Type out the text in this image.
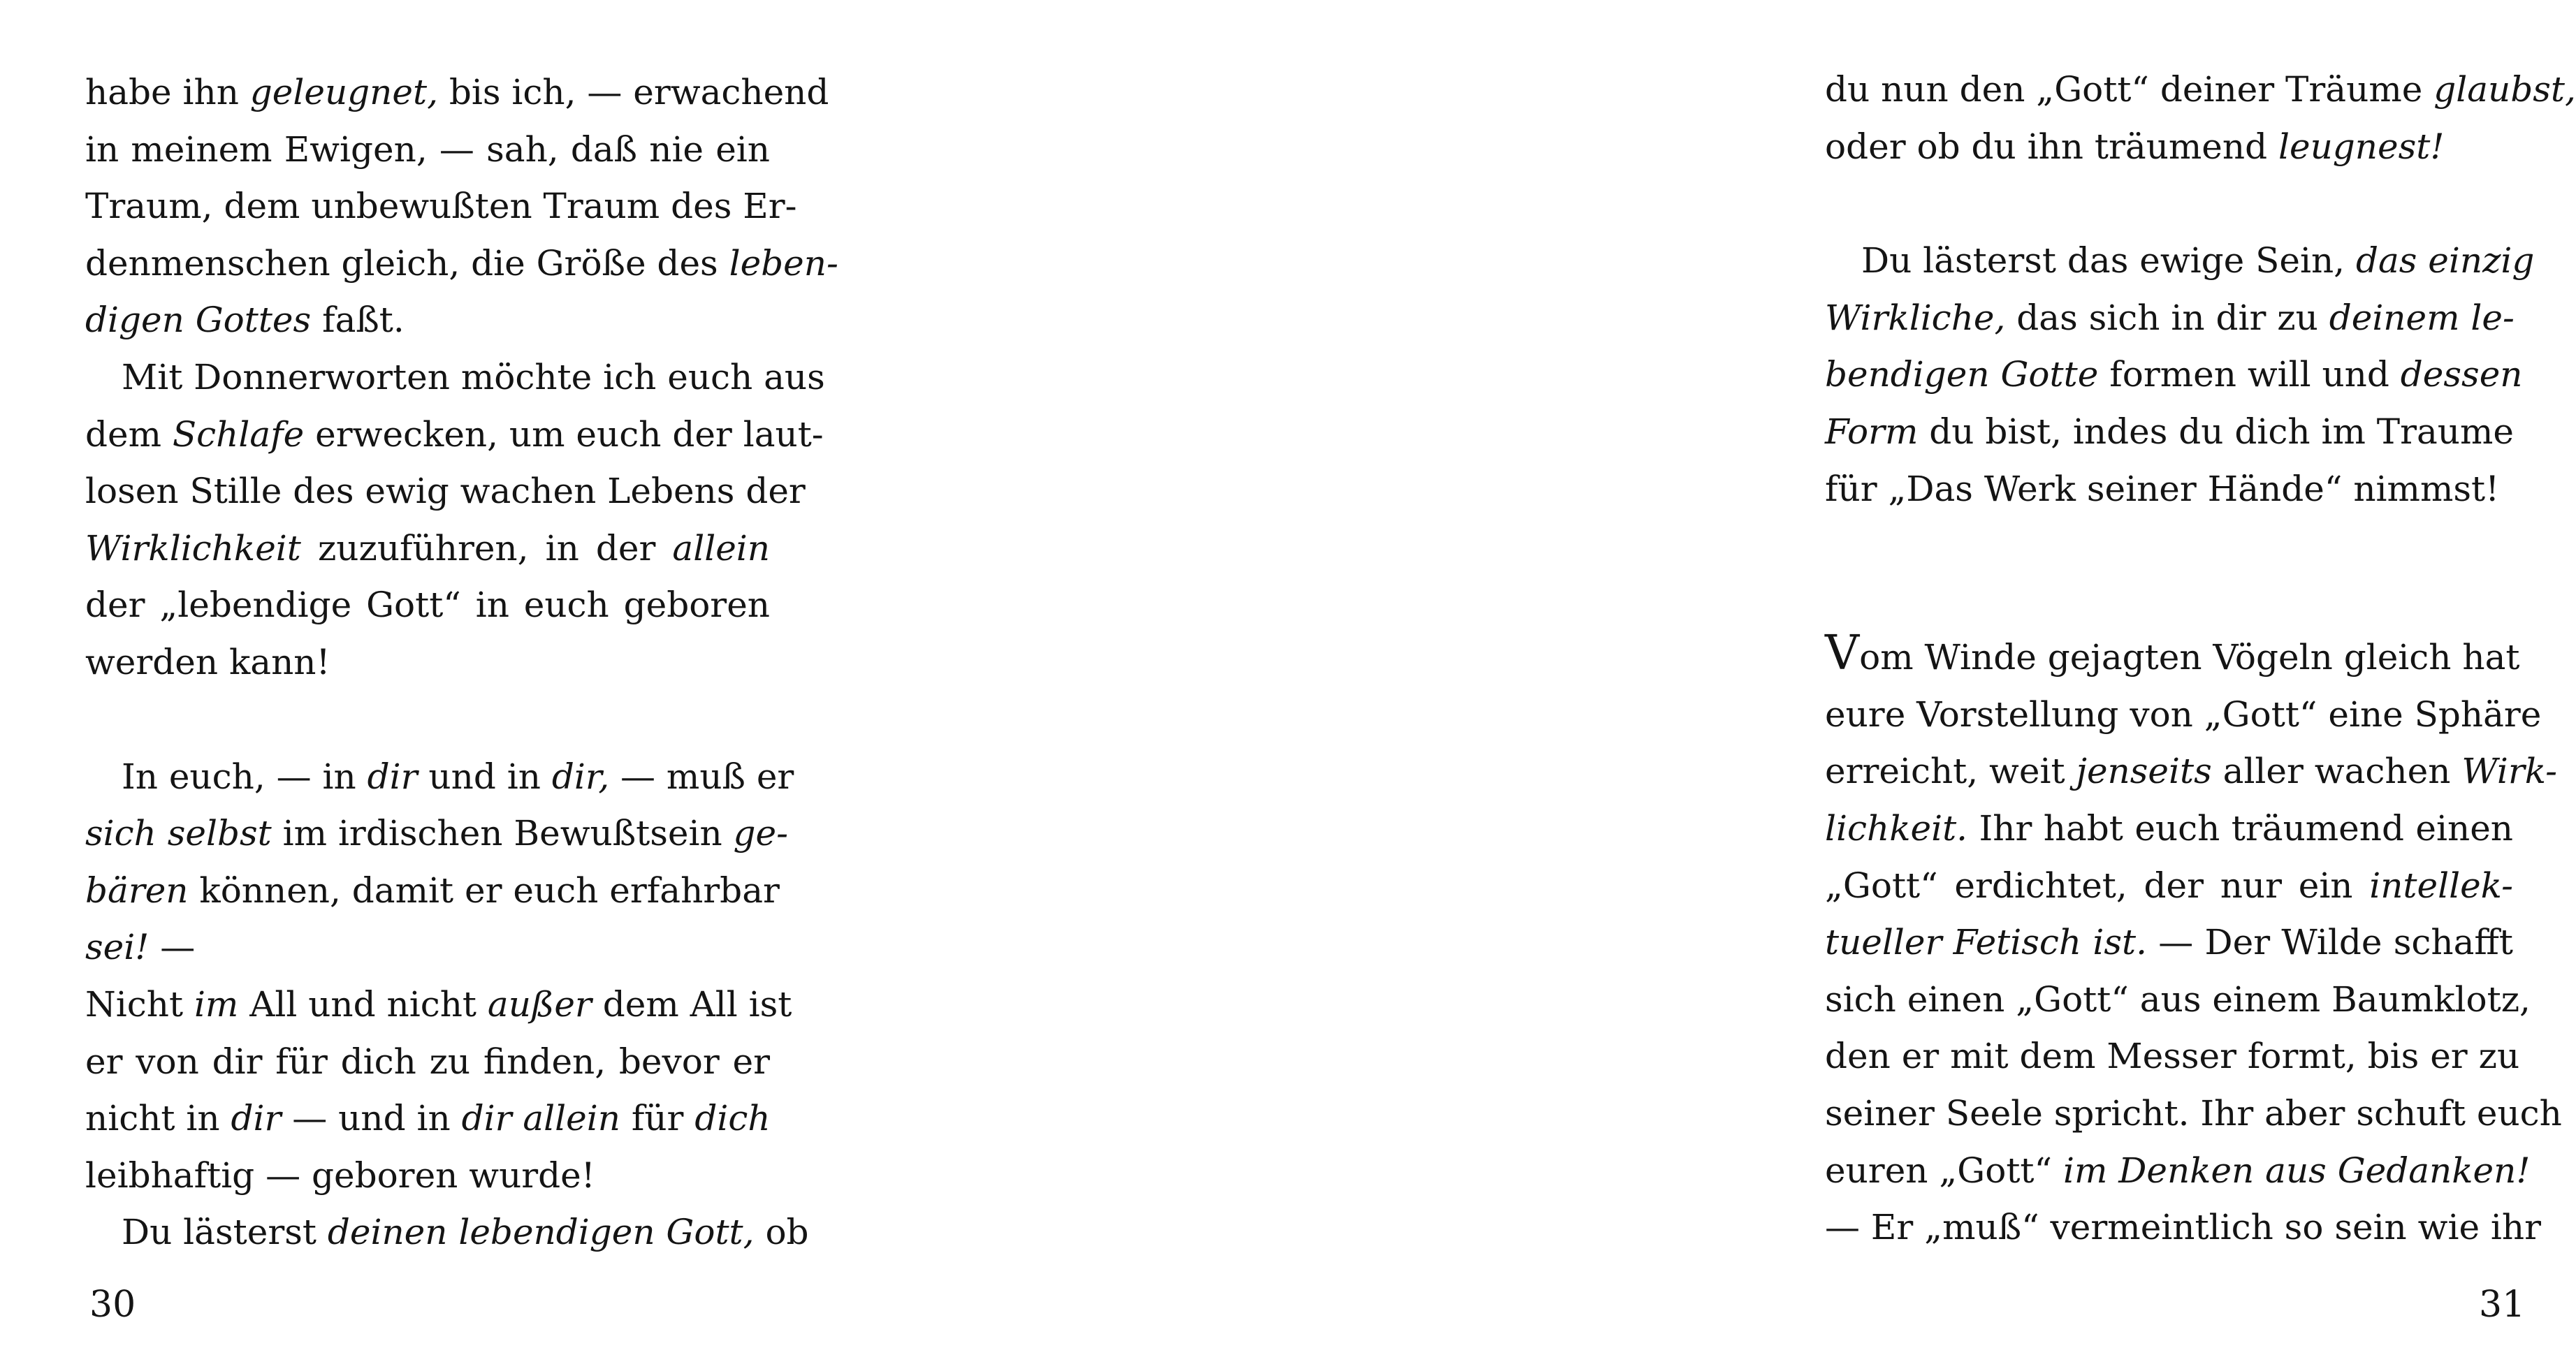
habe ihn geleugnet, bis ich, — erwachend
in meinem Ewigen, — sah, daß nie ein
Traum, dem unbewußten Traum des Er-
denmenschen gleich, die Größe des leben-
digen Gottes faßt.
Mit Donnerworten möchte ich euch aus
dem Schlafe erwecken, um euch der laut-
losen Stille des ewig wachen Lebens der
Wirklichkeit zuzuführen, in der allein
der „lebendige Gott“ in euch geboren
werden kann!
In euch, — in dir und in dir, — muß er
sich selbst im irdischen Bewußtsein ge-
bären können, damit er euch erfahrbar
sei! —
Nicht im All und nicht außer dem All ist
er von dir für dich zu finden, bevor er
nicht in dir — und in dir allein für dich
leibhaftig — geboren wurde!
Du lästerst deinen lebendigen Gott, ob
30
du nun den „Gott“ deiner Träume glaubst,
oder ob du ihn träumend leugnest!
Du lästerst das ewige Sein, das einzig
Wirkliche, das sich in dir zu deinem le-
bendigen Gotte formen will und dessen
Form du bist, indes du dich im Traume
für „Das Werk seiner Hände“ nimmst!
Vom Winde gejagten Vögeln gleich hat
eure Vorstellung von „Gott“ eine Sphäre
erreicht, weit jenseits aller wachen Wirk-
lichkeit. Ihr habt euch träumend einen
„Gott“ erdichtet, der nur ein intellek-
tueller Fetisch ist. — Der Wilde schafft
sich einen „Gott“ aus einem Baumklotz,
den er mit dem Messer formt, bis er zu
seiner Seele spricht. Ihr aber schuft euch
euren „Gott“ im Denken aus Gedanken!
— Er „muß“ vermeintlich so sein wie ihr
31
